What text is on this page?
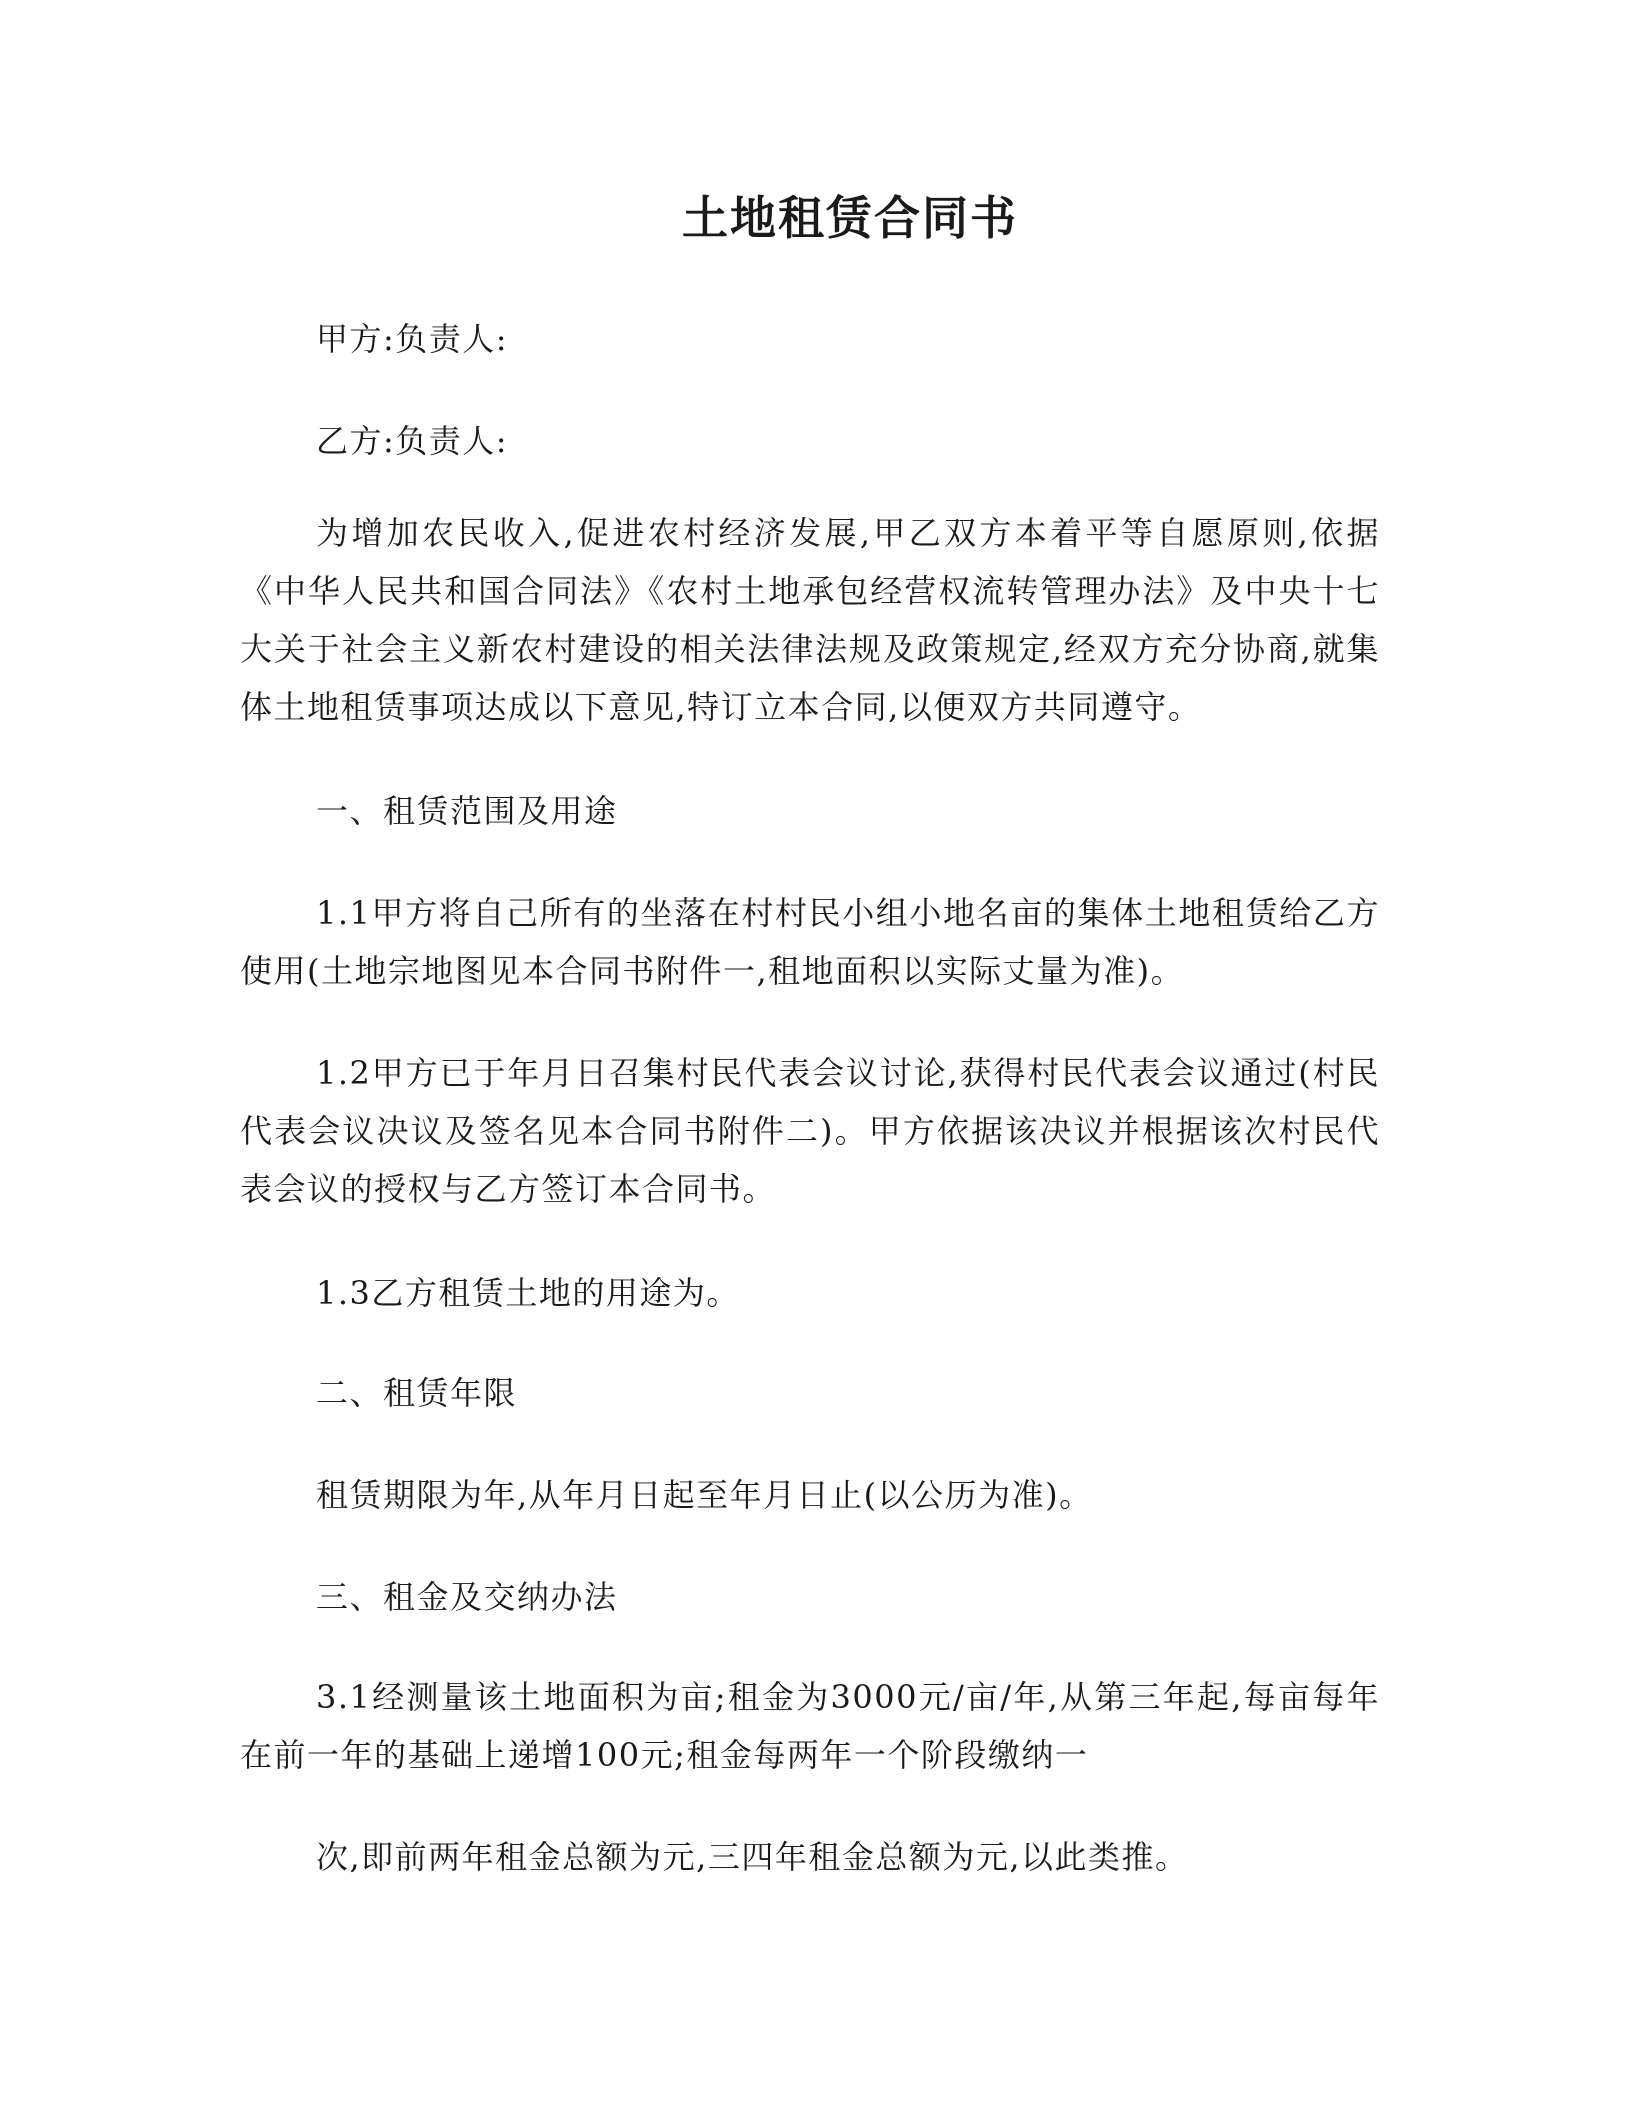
土地租赁合同书

甲方:负责人:

乙方:负责人:

为增加农民收入,促进农村经济发展,甲乙双方本着平等自愿原则,依据《中华人民共和国合同法》《农村土地承包经营权流转管理办法》及中央十七大关于社会主义新农村建设的相关法律法规及政策规定,经双方充分协商,就集体土地租赁事项达成以下意见,特订立本合同,以便双方共同遵守。

一、租赁范围及用途

1.1甲方将自己所有的坐落在村村民小组小地名亩的集体土地租赁给乙方使用(土地宗地图见本合同书附件一,租地面积以实际丈量为准)。

1.2甲方已于年月日召集村民代表会议讨论,获得村民代表会议通过(村民代表会议决议及签名见本合同书附件二)。甲方依据该决议并根据该次村民代表会议的授权与乙方签订本合同书。

1.3乙方租赁土地的用途为。

二、租赁年限

租赁期限为年,从年月日起至年月日止(以公历为准)。

三、租金及交纳办法

3.1经测量该土地面积为亩;租金为3000元/亩/年,从第三年起,每亩每年在前一年的基础上递增100元;租金每两年一个阶段缴纳一

次,即前两年租金总额为元,三四年租金总额为元,以此类推。
